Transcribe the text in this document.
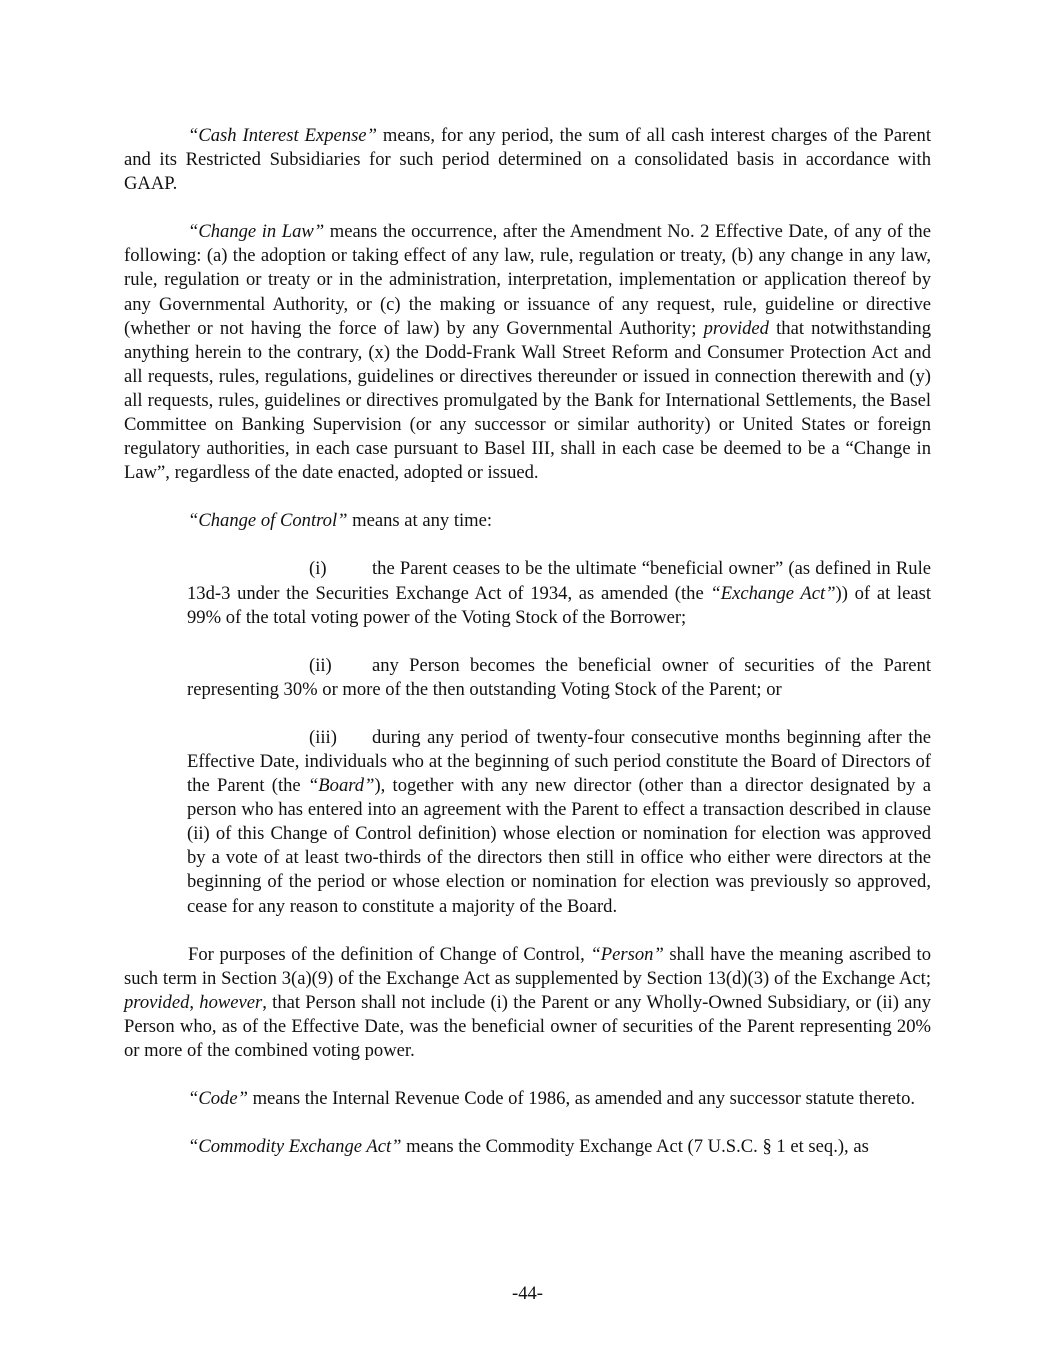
“Cash Interest Expense” means, for any period, the sum of all cash interest charges of the Parent and its Restricted Subsidiaries for such period determined on a consolidated basis in accordance with GAAP.

“Change in Law” means the occurrence, after the Amendment No. 2 Effective Date, of any of the following: (a) the adoption or taking effect of any law, rule, regulation or treaty, (b) any change in any law, rule, regulation or treaty or in the administration, interpretation, implementation or application thereof by any Governmental Authority, or (c) the making or issuance of any request, rule, guideline or directive (whether or not having the force of law) by any Governmental Authority; provided that notwithstanding anything herein to the contrary, (x) the Dodd-Frank Wall Street Reform and Consumer Protection Act and all requests, rules, regulations, guidelines or directives thereunder or issued in connection therewith and (y) all requests, rules, guidelines or directives promulgated by the Bank for International Settlements, the Basel Committee on Banking Supervision (or any successor or similar authority) or United States or foreign regulatory authorities, in each case pursuant to Basel III, shall in each case be deemed to be a “Change in Law”, regardless of the date enacted, adopted or issued.

“Change of Control” means at any time:

(i) the Parent ceases to be the ultimate “beneficial owner” (as defined in Rule 13d-3 under the Securities Exchange Act of 1934, as amended (the “Exchange Act”)) of at least 99% of the total voting power of the Voting Stock of the Borrower;

(ii) any Person becomes the beneficial owner of securities of the Parent representing 30% or more of the then outstanding Voting Stock of the Parent; or

(iii) during any period of twenty-four consecutive months beginning after the Effective Date, individuals who at the beginning of such period constitute the Board of Directors of the Parent (the “Board”), together with any new director (other than a director designated by a person who has entered into an agreement with the Parent to effect a transaction described in clause (ii) of this Change of Control definition) whose election or nomination for election was approved by a vote of at least two-thirds of the directors then still in office who either were directors at the beginning of the period or whose election or nomination for election was previously so approved, cease for any reason to constitute a majority of the Board.

For purposes of the definition of Change of Control, “Person” shall have the meaning ascribed to such term in Section 3(a)(9) of the Exchange Act as supplemented by Section 13(d)(3) of the Exchange Act; provided, however, that Person shall not include (i) the Parent or any Wholly-Owned Subsidiary, or (ii) any Person who, as of the Effective Date, was the beneficial owner of securities of the Parent representing 20% or more of the combined voting power.

“Code” means the Internal Revenue Code of 1986, as amended and any successor statute thereto.

“Commodity Exchange Act” means the Commodity Exchange Act (7 U.S.C. § 1 et seq.), as

-44-
